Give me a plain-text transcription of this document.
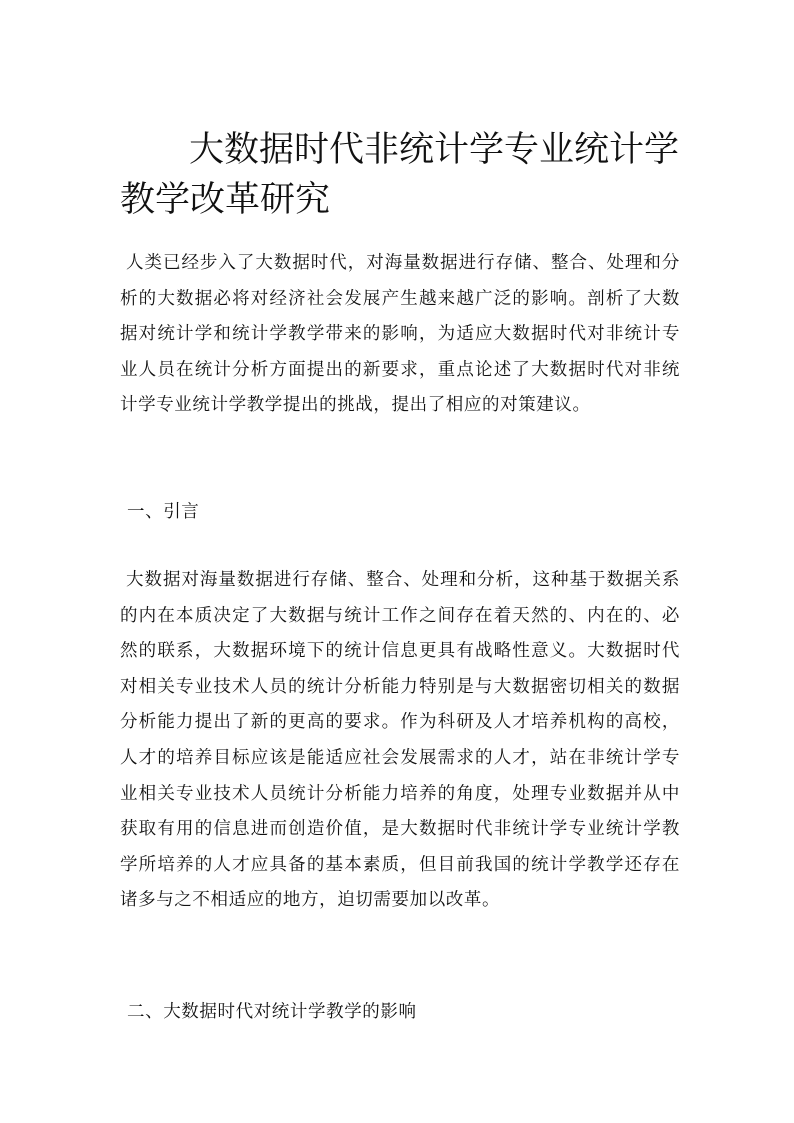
大数据时代非统计学专业统计学教学改革研究

人类已经步入了大数据时代，对海量数据进行存储、整合、处理和分析的大数据必将对经济社会发展产生越来越广泛的影响。剖析了大数据对统计学和统计学教学带来的影响，为适应大数据时代对非统计专业人员在统计分析方面提出的新要求，重点论述了大数据时代对非统计学专业统计学教学提出的挑战，提出了相应的对策建议。

一、引言

大数据对海量数据进行存储、整合、处理和分析，这种基于数据关系的内在本质决定了大数据与统计工作之间存在着天然的、内在的、必然的联系，大数据环境下的统计信息更具有战略性意义。大数据时代对相关专业技术人员的统计分析能力特别是与大数据密切相关的数据分析能力提出了新的更高的要求。作为科研及人才培养机构的高校，人才的培养目标应该是能适应社会发展需求的人才，站在非统计学专业相关专业技术人员统计分析能力培养的角度，处理专业数据并从中获取有用的信息进而创造价值，是大数据时代非统计学专业统计学教学所培养的人才应具备的基本素质，但目前我国的统计学教学还存在诸多与之不相适应的地方，迫切需要加以改革。

二、大数据时代对统计学教学的影响
